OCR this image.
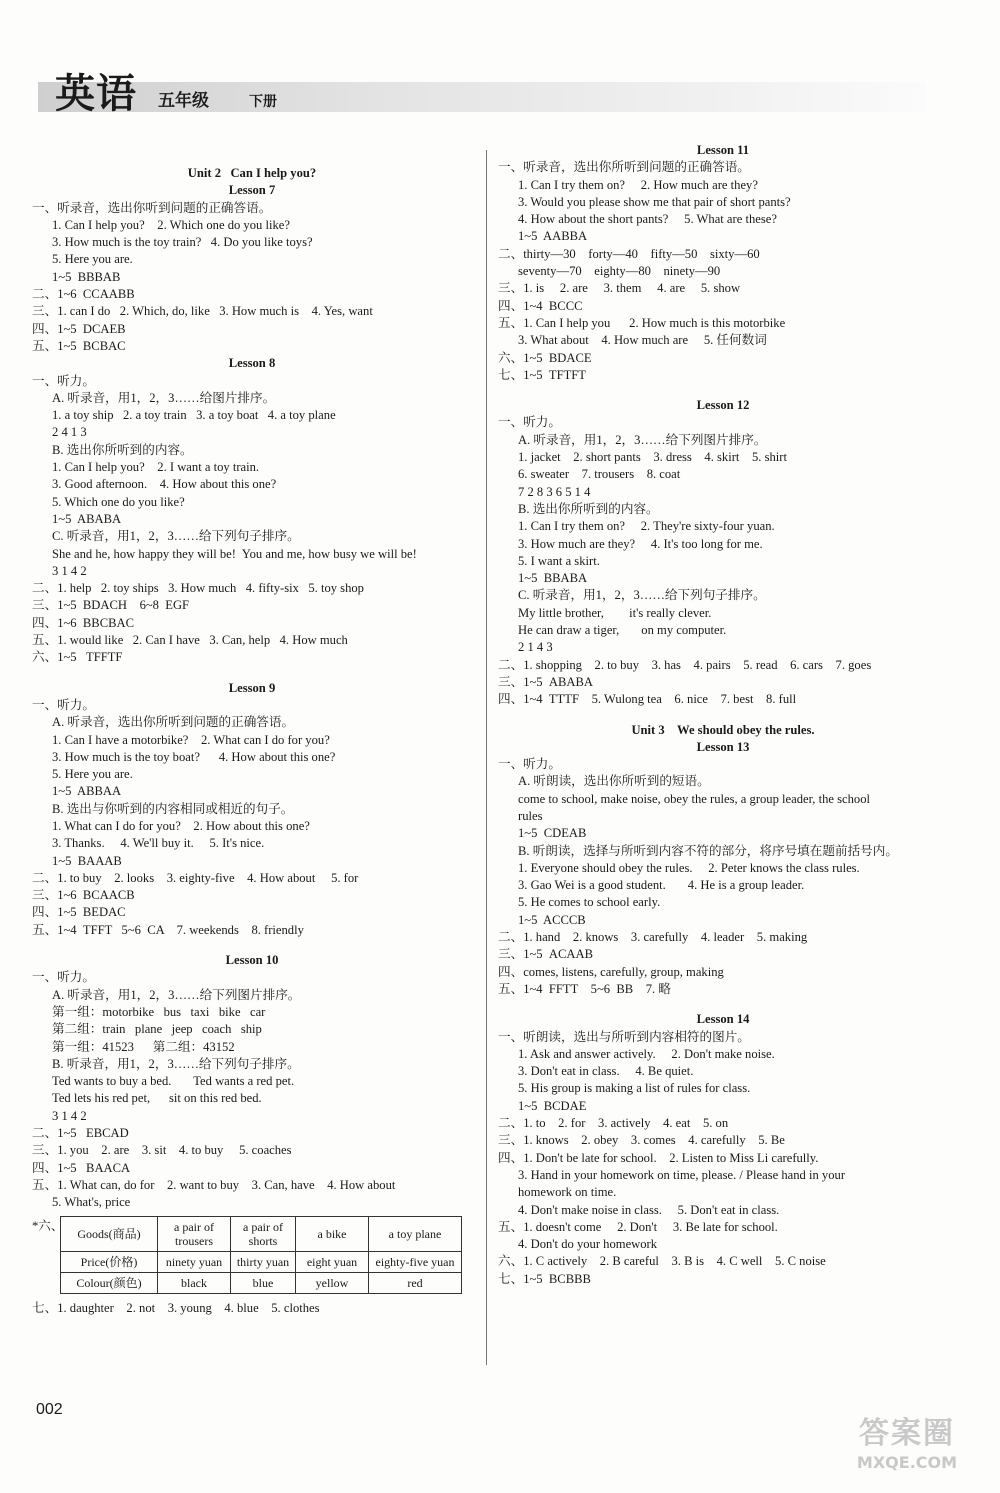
英语 五年级	下册
Unit 2   Can I help you?
Lesson 7
一、听录音，选出你听到问题的正确答语。
1. Can I help you?    2. Which one do you like?
3. How much is the toy train?   4. Do you like toys?
5. Here you are.
1~5  BBBAB
二、1~6  CCAABB
三、1. can I do   2. Which, do, like   3. How much is    4. Yes, want
四、1~5  DCAEB
五、1~5  BCBAC
Lesson 8
一、听力。
A. 听录音，用1，2，3……给图片排序。
1. a toy ship   2. a toy train   3. a toy boat   4. a toy plane
2 4 1 3
B. 选出你所听到的内容。
1. Can I help you?    2. I want a toy train.
3. Good afternoon.    4. How about this one?
5. Which one do you like?
1~5  ABABA
C. 听录音，用1，2，3……给下列句子排序。
She and he, how happy they will be!  You and me, how busy we will be!
3 1 4 2
二、1. help   2. toy ships   3. How much   4. fifty-six   5. toy shop
三、1~5  BDACH    6~8  EGF
四、1~6  BBCBAC
五、1. would like   2. Can I have   3. Can, help   4. How much
六、1~5   TFFTF
Lesson 9
一、听力。
A. 听录音，选出你所听到问题的正确答语。
1. Can I have a motorbike?    2. What can I do for you?
3. How much is the toy boat?      4. How about this one?
5. Here you are.
1~5  ABBAA
B. 选出与你听到的内容相同或相近的句子。
1. What can I do for you?    2. How about this one?
3. Thanks.     4. We'll buy it.     5. It's nice.
1~5  BAAAB
二、1. to buy    2. looks    3. eighty-five    4. How about     5. for
三、1~6  BCAACB
四、1~5  BEDAC
五、1~4  TFFT   5~6  CA    7. weekends    8. friendly
Lesson 10
一、听力。
A. 听录音，用1，2，3……给下列图片排序。
第一组：motorbike   bus   taxi   bike   car
第二组：train   plane   jeep   coach   ship
第一组：41523      第二组：43152
B. 听录音，用1，2，3……给下列句子排序。
Ted wants to buy a bed.       Ted wants a red pet.
Ted lets his red pet,      sit on this red bed.
3 1 4 2
二、1~5   EBCAD
三、1. you    2. are    3. sit    4. to buy     5. coaches
四、1~5   BAACA
五、1. What can, do for    2. want to buy    3. Can, have    4. How about
5. What's, price
*六、
Goods(商品)	a pair of trousers	a pair of shorts	a bike	a toy plane
Price(价格)	ninety yuan	thirty yuan	eight yuan	eighty-five yuan
Colour(颜色)	black	blue	yellow	red
七、1. daughter    2. not    3. young    4. blue    5. clothes
Lesson 11
一、听录音，选出你所听到问题的正确答语。
1. Can I try them on?     2. How much are they?
3. Would you please show me that pair of short pants?
4. How about the short pants?     5. What are these?
1~5  AABBA
二、thirty—30    forty—40    fifty—50    sixty—60
seventy—70    eighty—80    ninety—90
三、1. is     2. are     3. them     4. are     5. show
四、1~4  BCCC
五、1. Can I help you      2. How much is this motorbike
3. What about    4. How much are     5. 任何数词
六、1~5  BDACE
七、1~5  TFTFT
Lesson 12
一、听力。
A. 听录音，用1，2，3……给下列图片排序。
1. jacket    2. short pants    3. dress    4. skirt    5. shirt
6. sweater    7. trousers    8. coat
7 2 8 3 6 5 1 4
B. 选出你所听到的内容。
1. Can I try them on?     2. They're sixty-four yuan.
3. How much are they?     4. It's too long for me.
5. I want a skirt.
1~5  BBABA
C. 听录音，用1，2，3……给下列句子排序。
My little brother,        it's really clever.
He can draw a tiger,       on my computer.
2 1 4 3
二、1. shopping    2. to buy    3. has    4. pairs    5. read    6. cars    7. goes
三、1~5  ABABA
四、1~4  TTTF    5. Wulong tea    6. nice    7. best    8. full
Unit 3    We should obey the rules.
Lesson 13
一、听力。
A. 听朗读，选出你所听到的短语。
come to school, make noise, obey the rules, a group leader, the school
rules
1~5  CDEAB
B. 听朗读，选择与所听到内容不符的部分，将序号填在题前括号内。
1. Everyone should obey the rules.     2. Peter knows the class rules.
3. Gao Wei is a good student.       4. He is a group leader.
5. He comes to school early.
1~5  ACCCB
二、1. hand    2. knows    3. carefully    4. leader    5. making
三、1~5  ACAAB
四、comes, listens, carefully, group, making
五、1~4  FFTT    5~6  BB    7. 略
Lesson 14
一、听朗读，选出与所听到内容相符的图片。
1. Ask and answer actively.     2. Don't make noise.
3. Don't eat in class.     4. Be quiet.
5. His group is making a list of rules for class.
1~5  BCDAE
二、1. to    2. for    3. actively    4. eat    5. on
三、1. knows    2. obey    3. comes    4. carefully    5. Be
四、1. Don't be late for school.    2. Listen to Miss Li carefully.
3. Hand in your homework on time, please. / Please hand in your
homework on time.
4. Don't make noise in class.     5. Don't eat in class.
五、1. doesn't come     2. Don't     3. Be late for school.
4. Don't do your homework
六、1. C actively    2. B careful    3. B is    4. C well    5. C noise
七、1~5  BCBBB
002
答案圈
MXQE.COM
